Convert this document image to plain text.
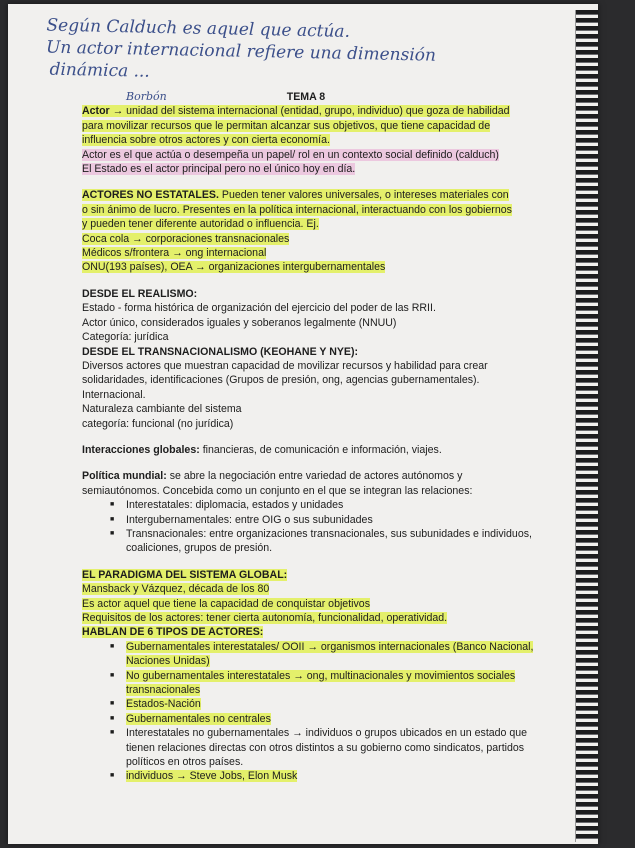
Según Calduch es aquel que actúa.
Un actor internacional refiere una dimensión
dinámica ...
Borbón	TEMA 8
Actor → unidad del sistema internacional (entidad, grupo, individuo) que goza de habilidad
para movilizar recursos que le permitan alcanzar sus objetivos, que tiene capacidad de
influencia sobre otros actores y con cierta economía.
Actor es el que actúa o desempeña un papel/ rol en un contexto social definido (calduch)
El Estado es el actor principal pero no el único hoy en día.
ACTORES NO ESTATALES. Pueden tener valores universales, o intereses materiales con
o sin ánimo de lucro. Presentes en la política internacional, interactuando con los gobiernos
y pueden tener diferente autoridad o influencia. Ej.
Coca cola → corporaciones transnacionales
Médicos s/frontera → ong internacional
ONU(193 países), OEA → organizaciones intergubernamentales
DESDE EL REALISMO:
Estado - forma histórica de organización del ejercicio del poder de las RRII.
Actor único, considerados iguales y soberanos legalmente (NNUU)
Categoría: jurídica
DESDE EL TRANSNACIONALISMO (KEOHANE Y NYE):
Diversos actores que muestran capacidad de movilizar recursos y habilidad para crear
solidaridades, identificaciones (Grupos de presión, ong, agencias gubernamentales).
Internacional.
Naturaleza cambiante del sistema
categoría: funcional (no jurídica)
Interacciones globales: financieras, de comunicación e información, viajes.
Política mundial: se abre la negociación entre variedad de actores autónomos y
semiautónomos. Concebida como un conjunto en el que se integran las relaciones:
■ Interestatales: diplomacia, estados y unidades
■ Intergubernamentales: entre OIG o sus subunidades
■ Transnacionales: entre organizaciones transnacionales, sus subunidades e individuos, coaliciones, grupos de presión.
EL PARADIGMA DEL SISTEMA GLOBAL:
Mansback y Vázquez, década de los 80
Es actor aquel que tiene la capacidad de conquistar objetivos
Requisitos de los actores: tener cierta autonomía, funcionalidad, operatividad.
HABLAN DE 6 TIPOS DE ACTORES:
■ Gubernamentales interestatales/ OOII → organismos internacionales (Banco Nacional, Naciones Unidas)
■ No gubernamentales interestatales → ong, multinacionales y movimientos sociales transnacionales
■ Estados-Nación
■ Gubernamentales no centrales
■ Interestatales no gubernamentales → individuos o grupos ubicados en un estado que tienen relaciones directas con otros distintos a su gobierno como sindicatos, partidos políticos en otros países.
■ individuos → Steve Jobs, Elon Musk
